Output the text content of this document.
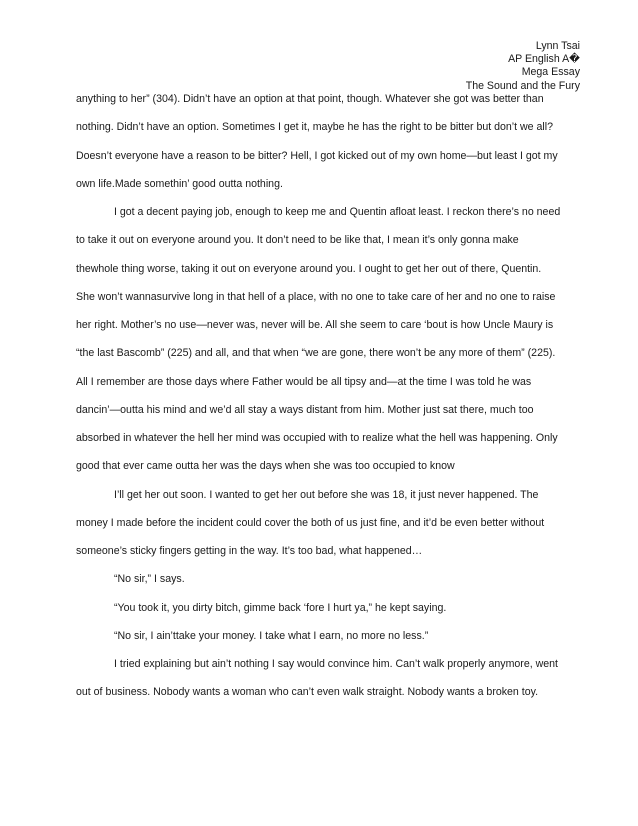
Lynn Tsai
AP English A�
Mega Essay
The Sound and the Fury
anything to her” (304). Didn’t have an option at that point, though. Whatever she got was better than
nothing. Didn’t have an option. Sometimes I get it, maybe he has the right to be bitter but don’t we all?
Doesn’t everyone have a reason to be bitter? Hell, I got kicked out of my own home—but least I got my
own life.Made somethin’ good outta nothing.
I got a decent paying job, enough to keep me and Quentin afloat least. I reckon there’s no need
to take it out on everyone around you. It don’t need to be like that, I mean it’s only gonna make
thewhole thing worse, taking it out on everyone around you. I ought to get her out of there, Quentin.
She won’t wannasurvive long in that hell of a place, with no one to take care of her and no one to raise
her right. Mother’s no use—never was, never will be. All she seem to care ‘bout is how Uncle Maury is
“the last Bascomb” (225) and all, and that when “we are gone, there won’t be any more of them” (225).
All I remember are those days where Father would be all tipsy and—at the time I was told he was
dancin’—outta his mind and we’d all stay a ways distant from him. Mother just sat there, much too
absorbed in whatever the hell her mind was occupied with to realize what the hell was happening. Only
good that ever came outta her was the days when she was too occupied to know
I’ll get her out soon. I wanted to get her out before she was 18, it just never happened. The
money I made before the incident could cover the both of us just fine, and it’d be even better without
someone’s sticky fingers getting in the way. It’s too bad, what happened…
“No sir,” I says.
“You took it, you dirty bitch, gimme back ‘fore I hurt ya,” he kept saying.
“No sir, I ain’ttake your money. I take what I earn, no more no less.”
I tried explaining but ain’t nothing I say would convince him. Can’t walk properly anymore, went
out of business. Nobody wants a woman who can’t even walk straight. Nobody wants a broken toy.
